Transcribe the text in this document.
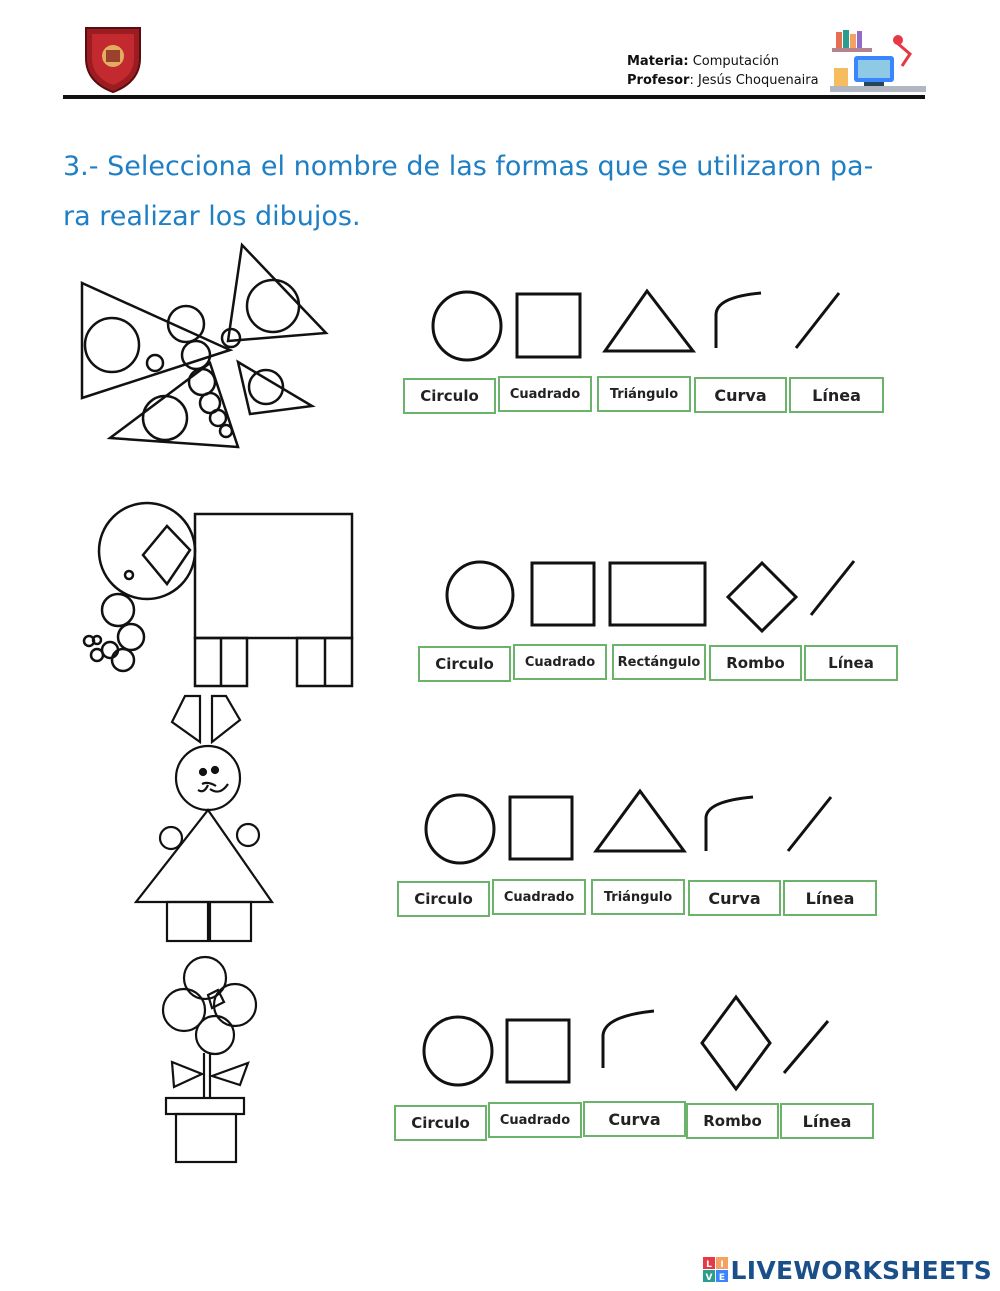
Materia: Computación
Profesor: Jesús Choquenaira
3.- Selecciona el nombre de las formas que se utilizaron pa-
ra realizar los dibujos.
Circulo	Cuadrado	Triángulo	Curva	Línea
Circulo	Cuadrado	Rectángulo	Rombo	Línea
Circulo	Cuadrado	Triángulo	Curva	Línea
Circulo	Cuadrado	Curva	Rombo	Línea
L I
V E LIVEWORKSHEETS
